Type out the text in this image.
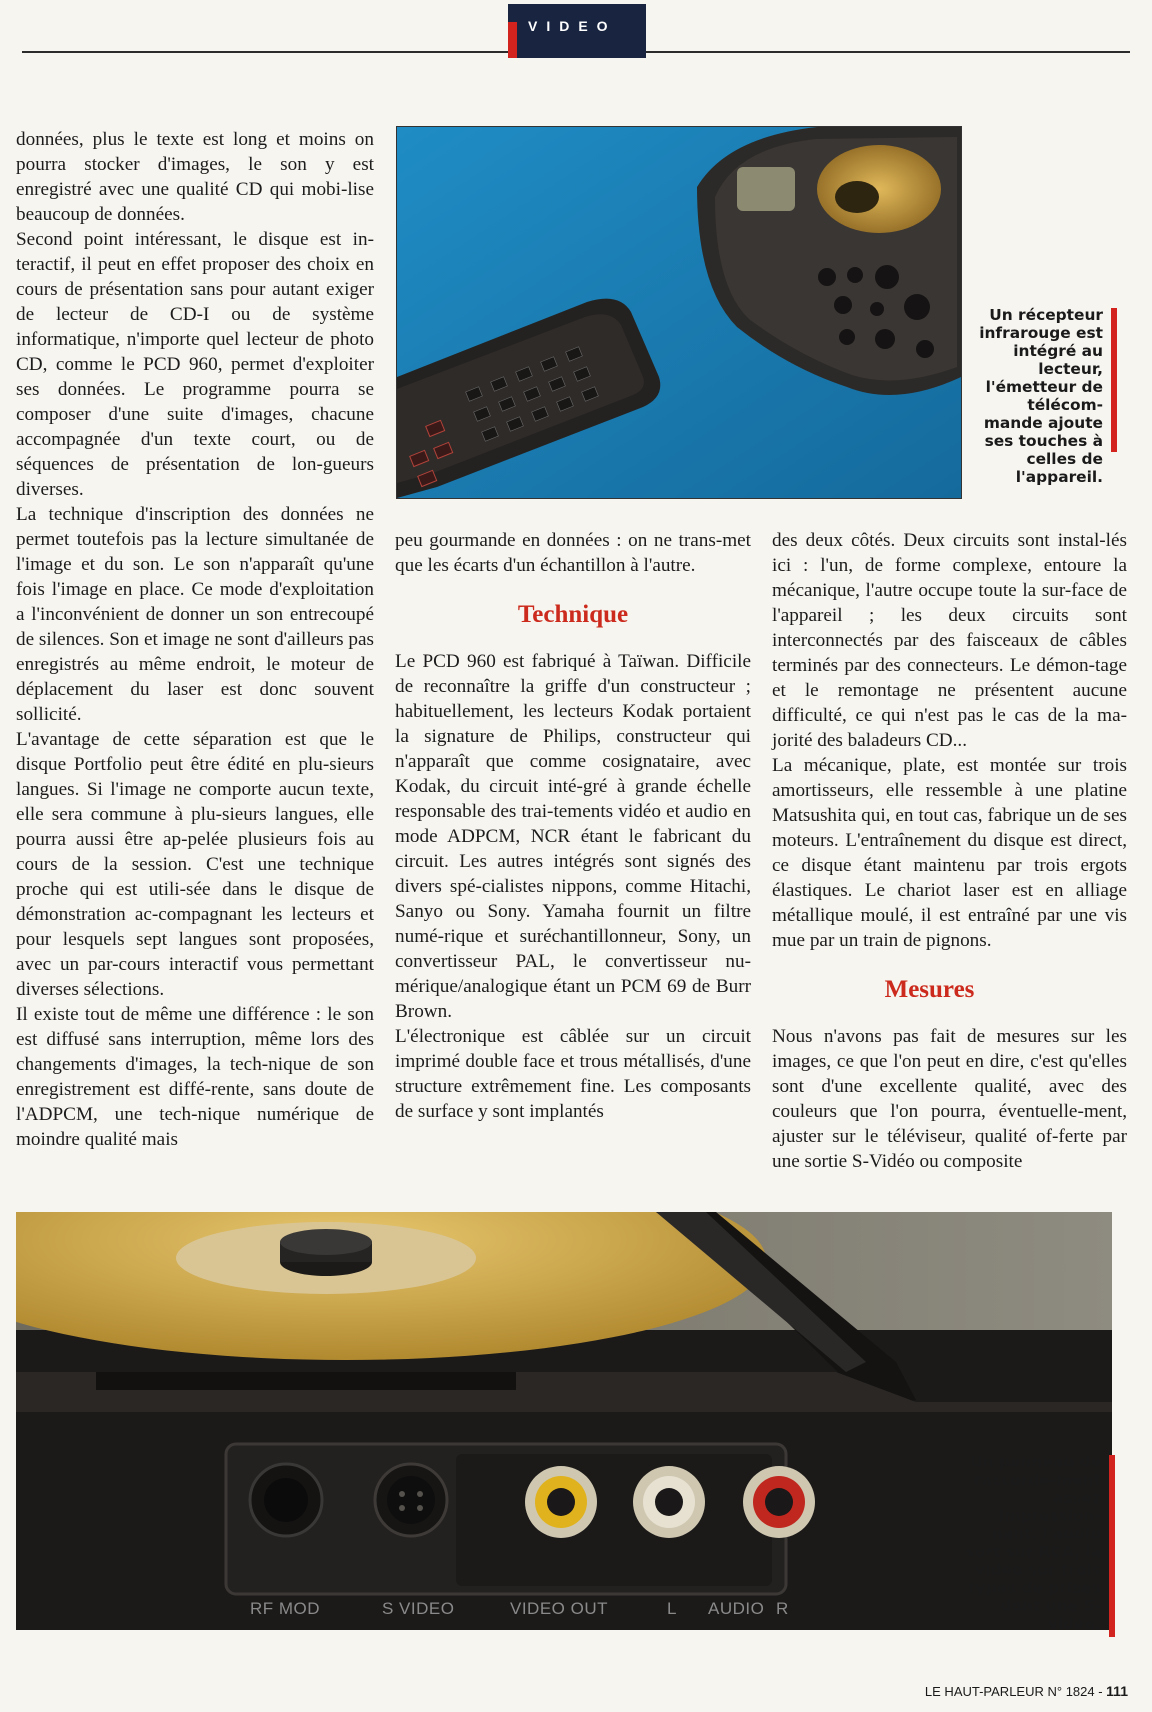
VIDEO

données, plus le texte est long et moins on pourra stocker d'images, le son y est enregistré avec une qualité CD qui mobi-lise beaucoup de données.

Second point intéressant, le disque est in-teractif, il peut en effet proposer des choix en cours de présentation sans pour autant exiger de lecteur de CD-I ou de système informatique, n'importe quel lecteur de photo CD, comme le PCD 960, permet d'exploiter ses données. Le programme pourra se composer d'une suite d'images, chacune accompagnée d'un texte court, ou de séquences de présentation de lon-gueurs diverses.

La technique d'inscription des données ne permet toutefois pas la lecture simultanée de l'image et du son. Le son n'apparaît qu'une fois l'image en place. Ce mode d'exploitation a l'inconvénient de donner un son entrecoupé de silences. Son et image ne sont d'ailleurs pas enregistrés au même endroit, le moteur de déplacement du laser est donc souvent sollicité.

L'avantage de cette séparation est que le disque Portfolio peut être édité en plu-sieurs langues. Si l'image ne comporte aucun texte, elle sera commune à plu-sieurs langues, elle pourra aussi être ap-pelée plusieurs fois au cours de la session. C'est une technique proche qui est utili-sée dans le disque de démonstration ac-compagnant les lecteurs et pour lesquels sept langues sont proposées, avec un par-cours interactif vous permettant diverses sélections.

Il existe tout de même une différence : le son est diffusé sans interruption, même lors des changements d'images, la tech-nique de son enregistrement est diffé-rente, sans doute de l'ADPCM, une tech-nique numérique de moindre qualité mais

Un récepteur infrarouge est intégré au lecteur, l'émetteur de télécom-mande ajoute ses touches à celles de l'appareil.

peu gourmande en données : on ne trans-met que les écarts d'un échantillon à l'autre.

Technique

Le PCD 960 est fabriqué à Taïwan. Difficile de reconnaître la griffe d'un constructeur ; habituellement, les lecteurs Kodak portaient la signature de Philips, constructeur qui n'apparaît que comme cosignataire, avec Kodak, du circuit inté-gré à grande échelle responsable des trai-tements vidéo et audio en mode ADPCM, NCR étant le fabricant du circuit. Les autres intégrés sont signés des divers spé-cialistes nippons, comme Hitachi, Sanyo ou Sony. Yamaha fournit un filtre numé-rique et suréchantillonneur, Sony, un convertisseur PAL, le convertisseur nu-mérique/analogique étant un PCM 69 de Burr Brown.

L'électronique est câblée sur un circuit imprimé double face et trous métallisés, d'une structure extrêmement fine. Les composants de surface y sont implantés

des deux côtés. Deux circuits sont instal-lés ici : l'un, de forme complexe, entoure la mécanique, l'autre occupe toute la sur-face de l'appareil ; les deux circuits sont interconnectés par des faisceaux de câbles terminés par des connecteurs. Le démon-tage et le remontage ne présentent aucune difficulté, ce qui n'est pas le cas de la ma-jorité des baladeurs CD...

La mécanique, plate, est montée sur trois amortisseurs, elle ressemble à une platine Matsushita qui, en tout cas, fabrique un de ses moteurs. L'entraînement du disque est direct, ce disque étant maintenu par trois ergots élastiques. Le chariot laser est en alliage métallique moulé, il est entraîné par une vis mue par un train de pignons.

Mesures

Nous n'avons pas fait de mesures sur les images, ce que l'on peut en dire, c'est qu'elles sont d'une excellente qualité, avec des couleurs que l'on pourra, éventuelle-ment, ajuster sur le téléviseur, qualité of-ferte par une sortie S-Vidéo ou composite

RF MOD	S VIDEO	VIDEO OUT	L AUDIO R
Un panneau de raccorde-ment assez impression-nant, l'audio sort sur RCA, la vidéo sur trois types de prises dont une S-vidéo.
LE HAUT-PARLEUR N° 1824 - 111
